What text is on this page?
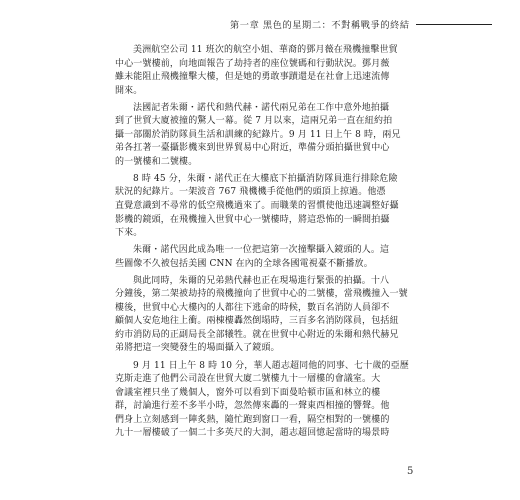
第一章 黑色的星期二：不對稱戰爭的終結
美洲航空公司 11 班次的航空小姐、華裔的鄧月薇在飛機撞擊世貿
中心一號樓前，向地面報告了劫持者的座位號碼和行動狀況。鄧月薇
雖未能阻止飛機撞擊大樓，但是她的勇敢事蹟還是在社會上迅速流傳
開來。
法國記者朱爾・諾代和熱代赫・諾代兩兄弟在工作中意外地拍攝
到了世貿大廈被撞的驚人一幕。從 7 月以來，這兩兄弟一直在紐約拍
攝一部關於消防隊員生活和訓練的紀錄片。9 月 11 日上午 8 時，兩兄
弟各扛著一臺攝影機來到世界貿易中心附近，準備分頭拍攝世貿中心
的一號樓和二號樓。
8 時 45 分，朱爾・諾代正在大樓底下拍攝消防隊員進行排除危險
狀況的紀錄片。一架波音 767 飛機機手從他們的頭頂上掠過。他憑
直覺意識到不尋常的低空飛機過來了。而職業的習慣使他迅速調整好攝
影機的鏡頭，在飛機撞入世貿中心一號樓時，將這恐怖的一瞬間拍攝
下來。
朱爾・諾代因此成為唯一一位把這第一次撞擊攝入鏡頭的人。這
些圖像不久被包括美國 CNN 在內的全球各國電視臺不斷播放。
與此同時，朱爾的兄弟熱代赫也正在現場進行緊張的拍攝。十八
分鐘後，第二架被劫持的飛機撞向了世貿中心的二號樓，當飛機撞入一號
樓後，世貿中心大樓內的人都往下逃命的時候，數百名消防人員卻不
顧個人安危地往上衝。兩棟樓轟然倒塌時，三百多名消防隊員，包括紐
約市消防局的正副局長全部犧牲。就在世貿中心附近的朱爾和熱代赫兄
弟將把這一突變發生的場面攝入了鏡頭。
9 月 11 日上午 8 時 10 分，華人趙志超同他的同事、七十歲的亞歷
克斯走進了他們公司設在世貿大廈二號樓九十一層樓的會議室。大
會議室裡只坐了幾個人，窗外可以看到下面曼哈頓市區和林立的樓
群，討論進行差不多半小時，忽然傳來轟的一聲東西相撞的響聲。他
們身上立刻感到一陣炙熱，隨忙跑到窗口一看，隔空相對的一號樓的
九十一層樓破了一個二十多英尺的大洞，趙志超回憶起當時的場景時
5
